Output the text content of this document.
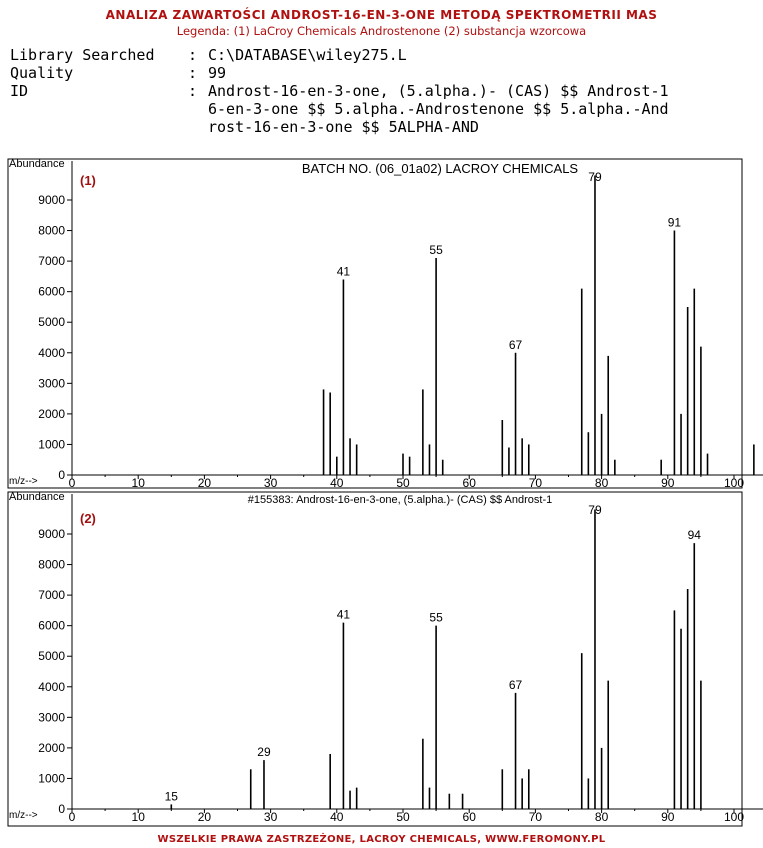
ANALIZA ZAWARTOŚCI ANDROST-16-EN-3-ONE METODĄ SPEKTROMETRII MAS
Legenda: (1) LaCroy Chemicals Androstenone (2) substancja wzorcowa
Library Searched : C:\DATABASE\wiley275.L
Quality	: 99
ID	: Androst-16-en-3-one, (5.alpha.)- (CAS) $$ Androst-1
6-en-3-one $$ 5.alpha.-Androstenone $$ 5.alpha.-And
rost-16-en-3-one $$ 5ALPHA-AND
Abundance
m/z-->
BATCH NO. (06_01a02) LACROY CHEMICALS
(1)
0
1000
2000
3000
4000
5000
6000
7000
8000
9000
0	10	20	30	40	50	60	70	80	90	100
41
55
67
79
91
Abundance
m/z-->
#155383: Androst-16-en-3-one, (5.alpha.)- (CAS) $$ Androst-1
(2)
0
1000
2000
3000
4000
5000
6000
7000
8000
9000
0	10	20	30	40	50	60	70	80	90	100
15
29
41	55
67
79
94
WSZELKIE PRAWA ZASTRZEŻONE, LACROY CHEMICALS, WWW.FEROMONY.PL
